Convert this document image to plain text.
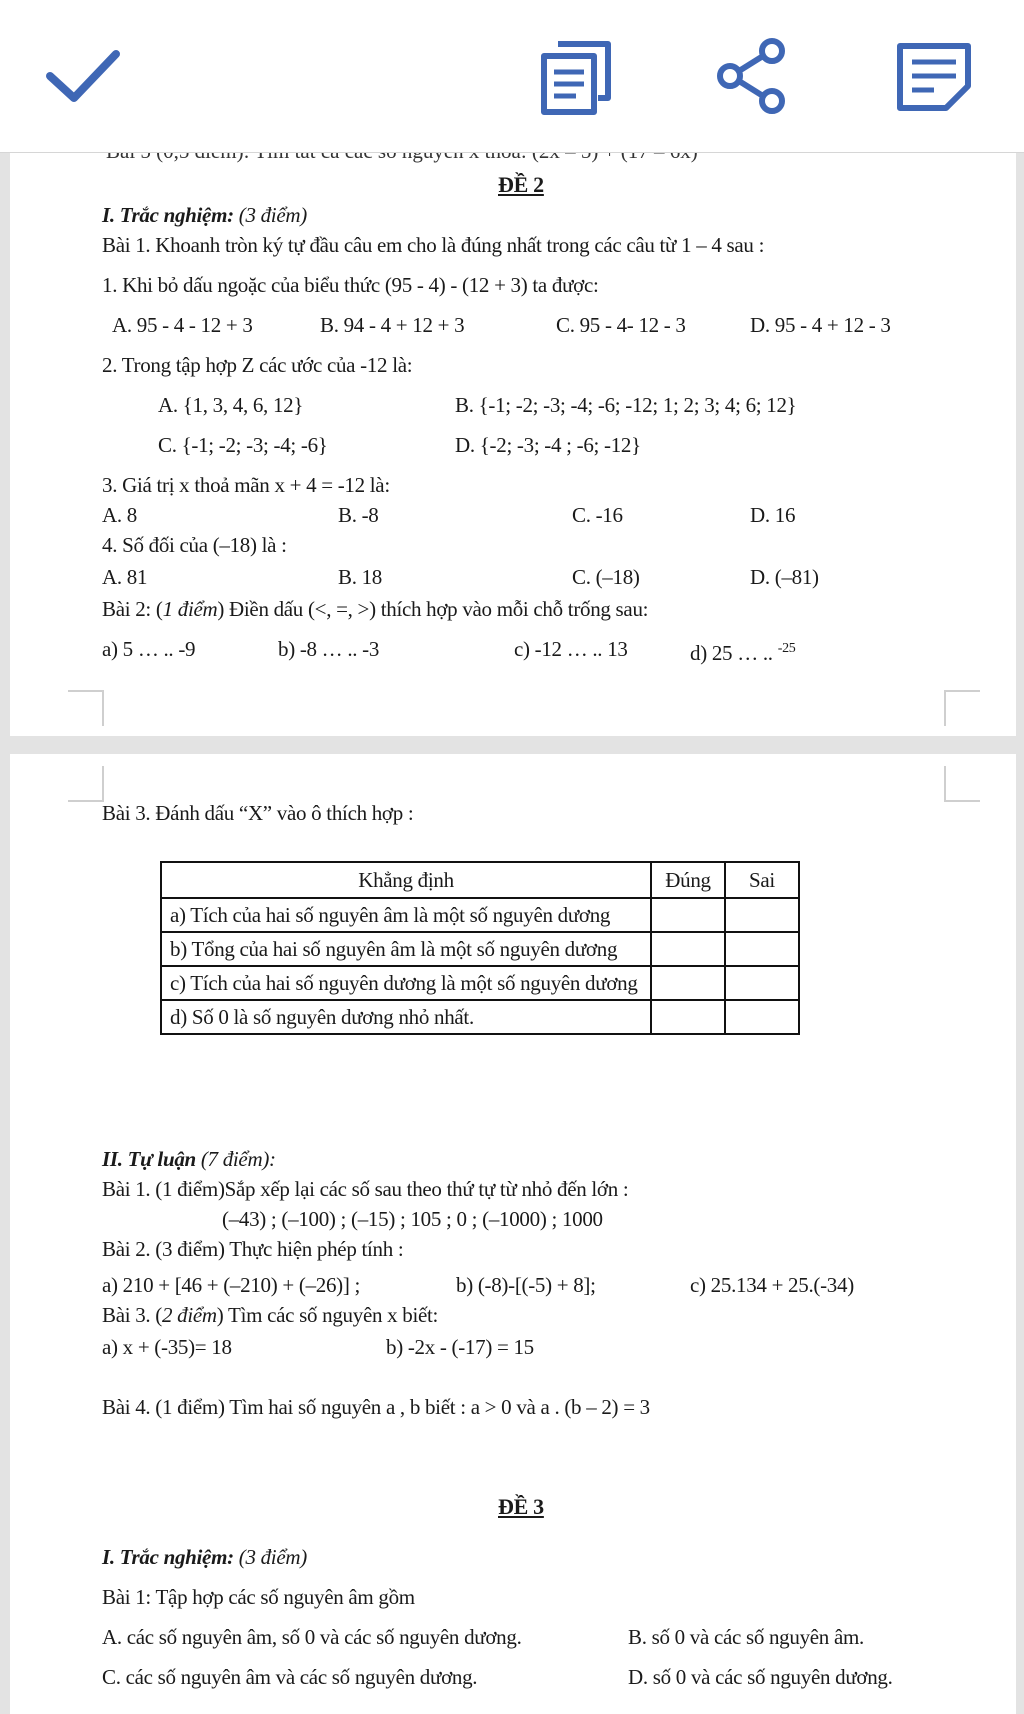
ĐỀ 2
I. Trắc nghiệm: (3 điểm)
Bài 1. Khoanh tròn ký tự đầu câu em cho là đúng nhất trong các câu từ 1 – 4 sau :
1. Khi bỏ dấu ngoặc của biểu thức (95 - 4) - (12 + 3) ta được:
A. 95 - 4 - 12 + 3	B. 94 - 4 + 12 + 3	C. 95 - 4- 12 - 3	D. 95 - 4 + 12 - 3
2. Trong tập hợp Z các ước của -12 là:
A. {1, 3, 4, 6, 12}	B. {-1; -2; -3; -4; -6; -12; 1; 2; 3; 4; 6; 12}
C. {-1; -2; -3; -4; -6}	D. {-2; -3; -4 ; -6; -12}
3. Giá trị x thoả mãn x + 4 = -12 là:
A. 8	B. -8	C. -16	D. 16
4. Số đối của (–18) là :
A. 81	B. 18	C. (–18)	D. (–81)
Bài 2: (1 điểm) Điền dấu (<, =, >) thích hợp vào mỗi chỗ trống sau:
a) 5 … .. -9	b) -8 … .. -3	c) -12 … .. 13	d) 25 … .. $^{-25}$
Bài 3. Đánh dấu “X” vào ô thích hợp :
Khẳng định	Đúng	Sai
a) Tích của hai số nguyên âm là một số nguyên dương		
b) Tổng của hai số nguyên âm là một số nguyên dương		
c) Tích của hai số nguyên dương là một số nguyên dương		
d) Số 0 là số nguyên dương nhỏ nhất.		
II. Tự luận (7 điểm):
Bài 1. (1 điểm)Sắp xếp lại các số sau theo thứ tự từ nhỏ đến lớn :
(–43) ; (–100) ; (–15) ; 105 ; 0 ; (–1000) ; 1000
Bài 2. (3 điểm) Thực hiện phép tính :
a) 210 + [46 + (–210) + (–26)] ;	b) (-8)-[(-5) + 8];	c) 25.134 + 25.(-34)
Bài 3. (2 điểm) Tìm các số nguyên x biết:
a) x + (-35)= 18	b) -2x - (-17) = 15
Bài 4. (1 điểm) Tìm hai số nguyên a , b biết : a > 0 và a . (b – 2) = 3
ĐỀ 3
I. Trắc nghiệm: (3 điểm)
Bài 1: Tập hợp các số nguyên âm gồm
A. các số nguyên âm, số 0 và các số nguyên dương.	B. số 0 và các số nguyên âm.
C. các số nguyên âm và các số nguyên dương.	D. số 0 và các số nguyên dương.
